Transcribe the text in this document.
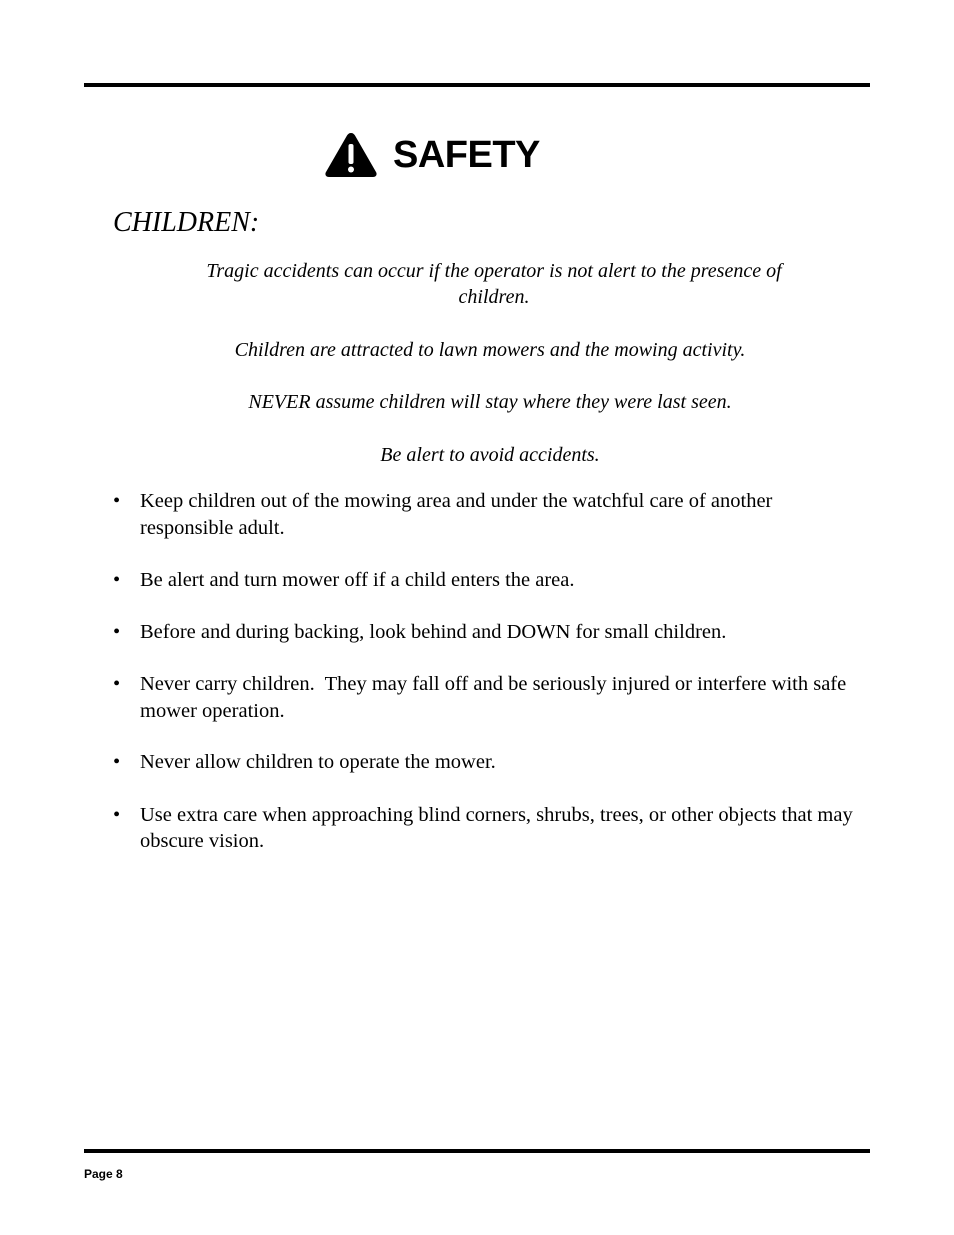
SAFETY
CHILDREN:
Tragic accidents can occur if the operator is not alert to the presence of children.
Children are attracted to lawn mowers and the mowing activity.
NEVER assume children will stay where they were last seen.
Be alert to avoid accidents.
• Keep children out of the mowing area and under the watchful care of another responsible adult.
• Be alert and turn mower off if a child enters the area.
• Before and during backing, look behind and DOWN for small children.
• Never carry children.  They may fall off and be seriously injured or interfere with safe mower operation.
• Never allow children to operate the mower.
• Use extra care when approaching blind corners, shrubs, trees, or other objects that may obscure vision.
Page 8
